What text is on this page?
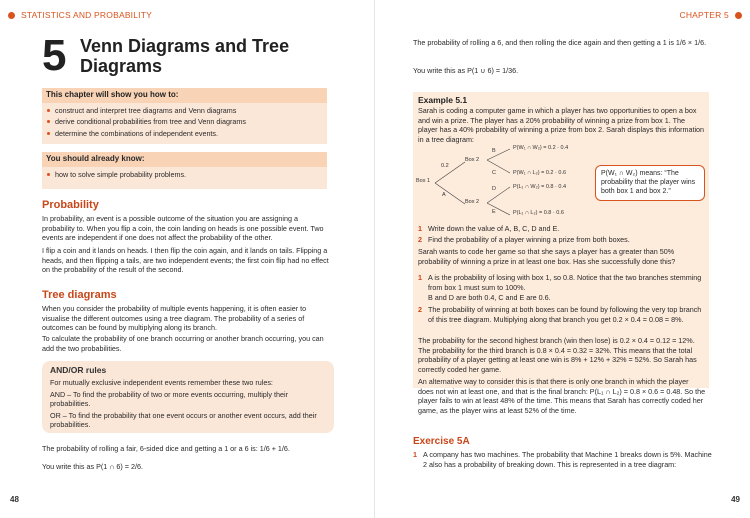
STATISTICS AND PROBABILITY
5 Venn Diagrams and Tree Diagrams
This chapter will show you how to:
construct and interpret tree diagrams and Venn diagrams
derive conditional probabilities from tree and Venn diagrams
determine the combinations of independent events.
You should already know:
how to solve simple probability problems.
Probability
In probability, an event is a possible outcome of the situation you are assigning a probability to. When you flip a coin, the coin landing on heads is one possible event. Two events are independent if one does not affect the probability of the other.
I flip a coin and it lands on heads. I then flip the coin again, and it lands on tails. Flipping a heads, and then flipping a tails, are two independent events; the first coin flip had no effect on the probability of the result of the second.
Tree diagrams
When you consider the probability of multiple events happening, it is often easier to visualise the different outcomes using a tree diagram. The probability of a series of outcomes can be found by multiplying along its branch.
To calculate the probability of one branch occurring or another branch occurring, you can add the two probabilities.
AND/OR rules
For mutually exclusive independent events remember these two rules:
AND – To find the probability of two or more events occurring, multiply their probabilities.
OR – To find the probability that one event occurs or another event occurs, add their probabilities.
The probability of rolling a fair, 6-sided dice and getting a 1 or a 6 is: 1/6 + 1/6.
You write this as P(1 ∩ 6) = 2/6.
48
CHAPTER 5
49
The probability of rolling a 6, and then rolling the dice again and then getting a 1 is 1/6 × 1/6.
You write this as P(1 ∪ 6) = 1/36.
Example 5.1
Sarah is coding a computer game in which a player has two opportunities to open a box and win a prize. The player has a 20% probability of winning a prize from box 1. The player has a 40% probability of winning a prize from box 2. Sarah displays this information in a tree diagram:
1 Write down the value of A, B, C, D and E.
2 Find the probability of a player winning a prize from both boxes.
Sarah wants to code her game so that she says a player has a greater than 50% probability of winning a prize in at least one box. Has she successfully done this?
1 A is the probability of losing with box 1, so 0.8. Notice that the two branches stemming from box 1 must sum to 100%.
B and D are both 0.4, C and E are 0.6.
2 The probability of winning at both boxes can be found by following the very top branch of this tree diagram. Multiplying along that branch you get 0.2 × 0.4 = 0.08 = 8%.
The probability for the second highest branch (win then lose) is 0.2 × 0.4 = 0.12 = 12%. The probability for the third branch is 0.8 × 0.4 = 0.32 = 32%. This means that the total probability of a player getting at least one win is 8% + 12% + 32% = 52%. So Sarah has correctly coded her game.
An alternative way to consider this is that there is only one branch in which the player does not win at least one, and that is the final branch: P(L₁ ∩ L₂) = 0.8 × 0.6 = 0.48. So the player fails to win at least 48% of the time. This means that Sarah has correctly coded her game, as the player wins at least 52% of the time.
Box 1
Box 2
Box 2
0.2
A
B
C
D
E
P(W₁ ∩ W₂) = 0.2 · 0.4
P(W₁ ∩ L₂) = 0.2 · 0.6
P(L₁ ∩ W₂) = 0.8 · 0.4
P(L₁ ∩ L₂) = 0.8 · 0.6
P(W₁ ∩ W₂) means: “The probability that the player wins both box 1 and box 2.”
Exercise 5A
1 A company has two machines. The probability that Machine 1 breaks down is 5%. Machine 2 also has a probability of breaking down. This is represented in a tree diagram:
